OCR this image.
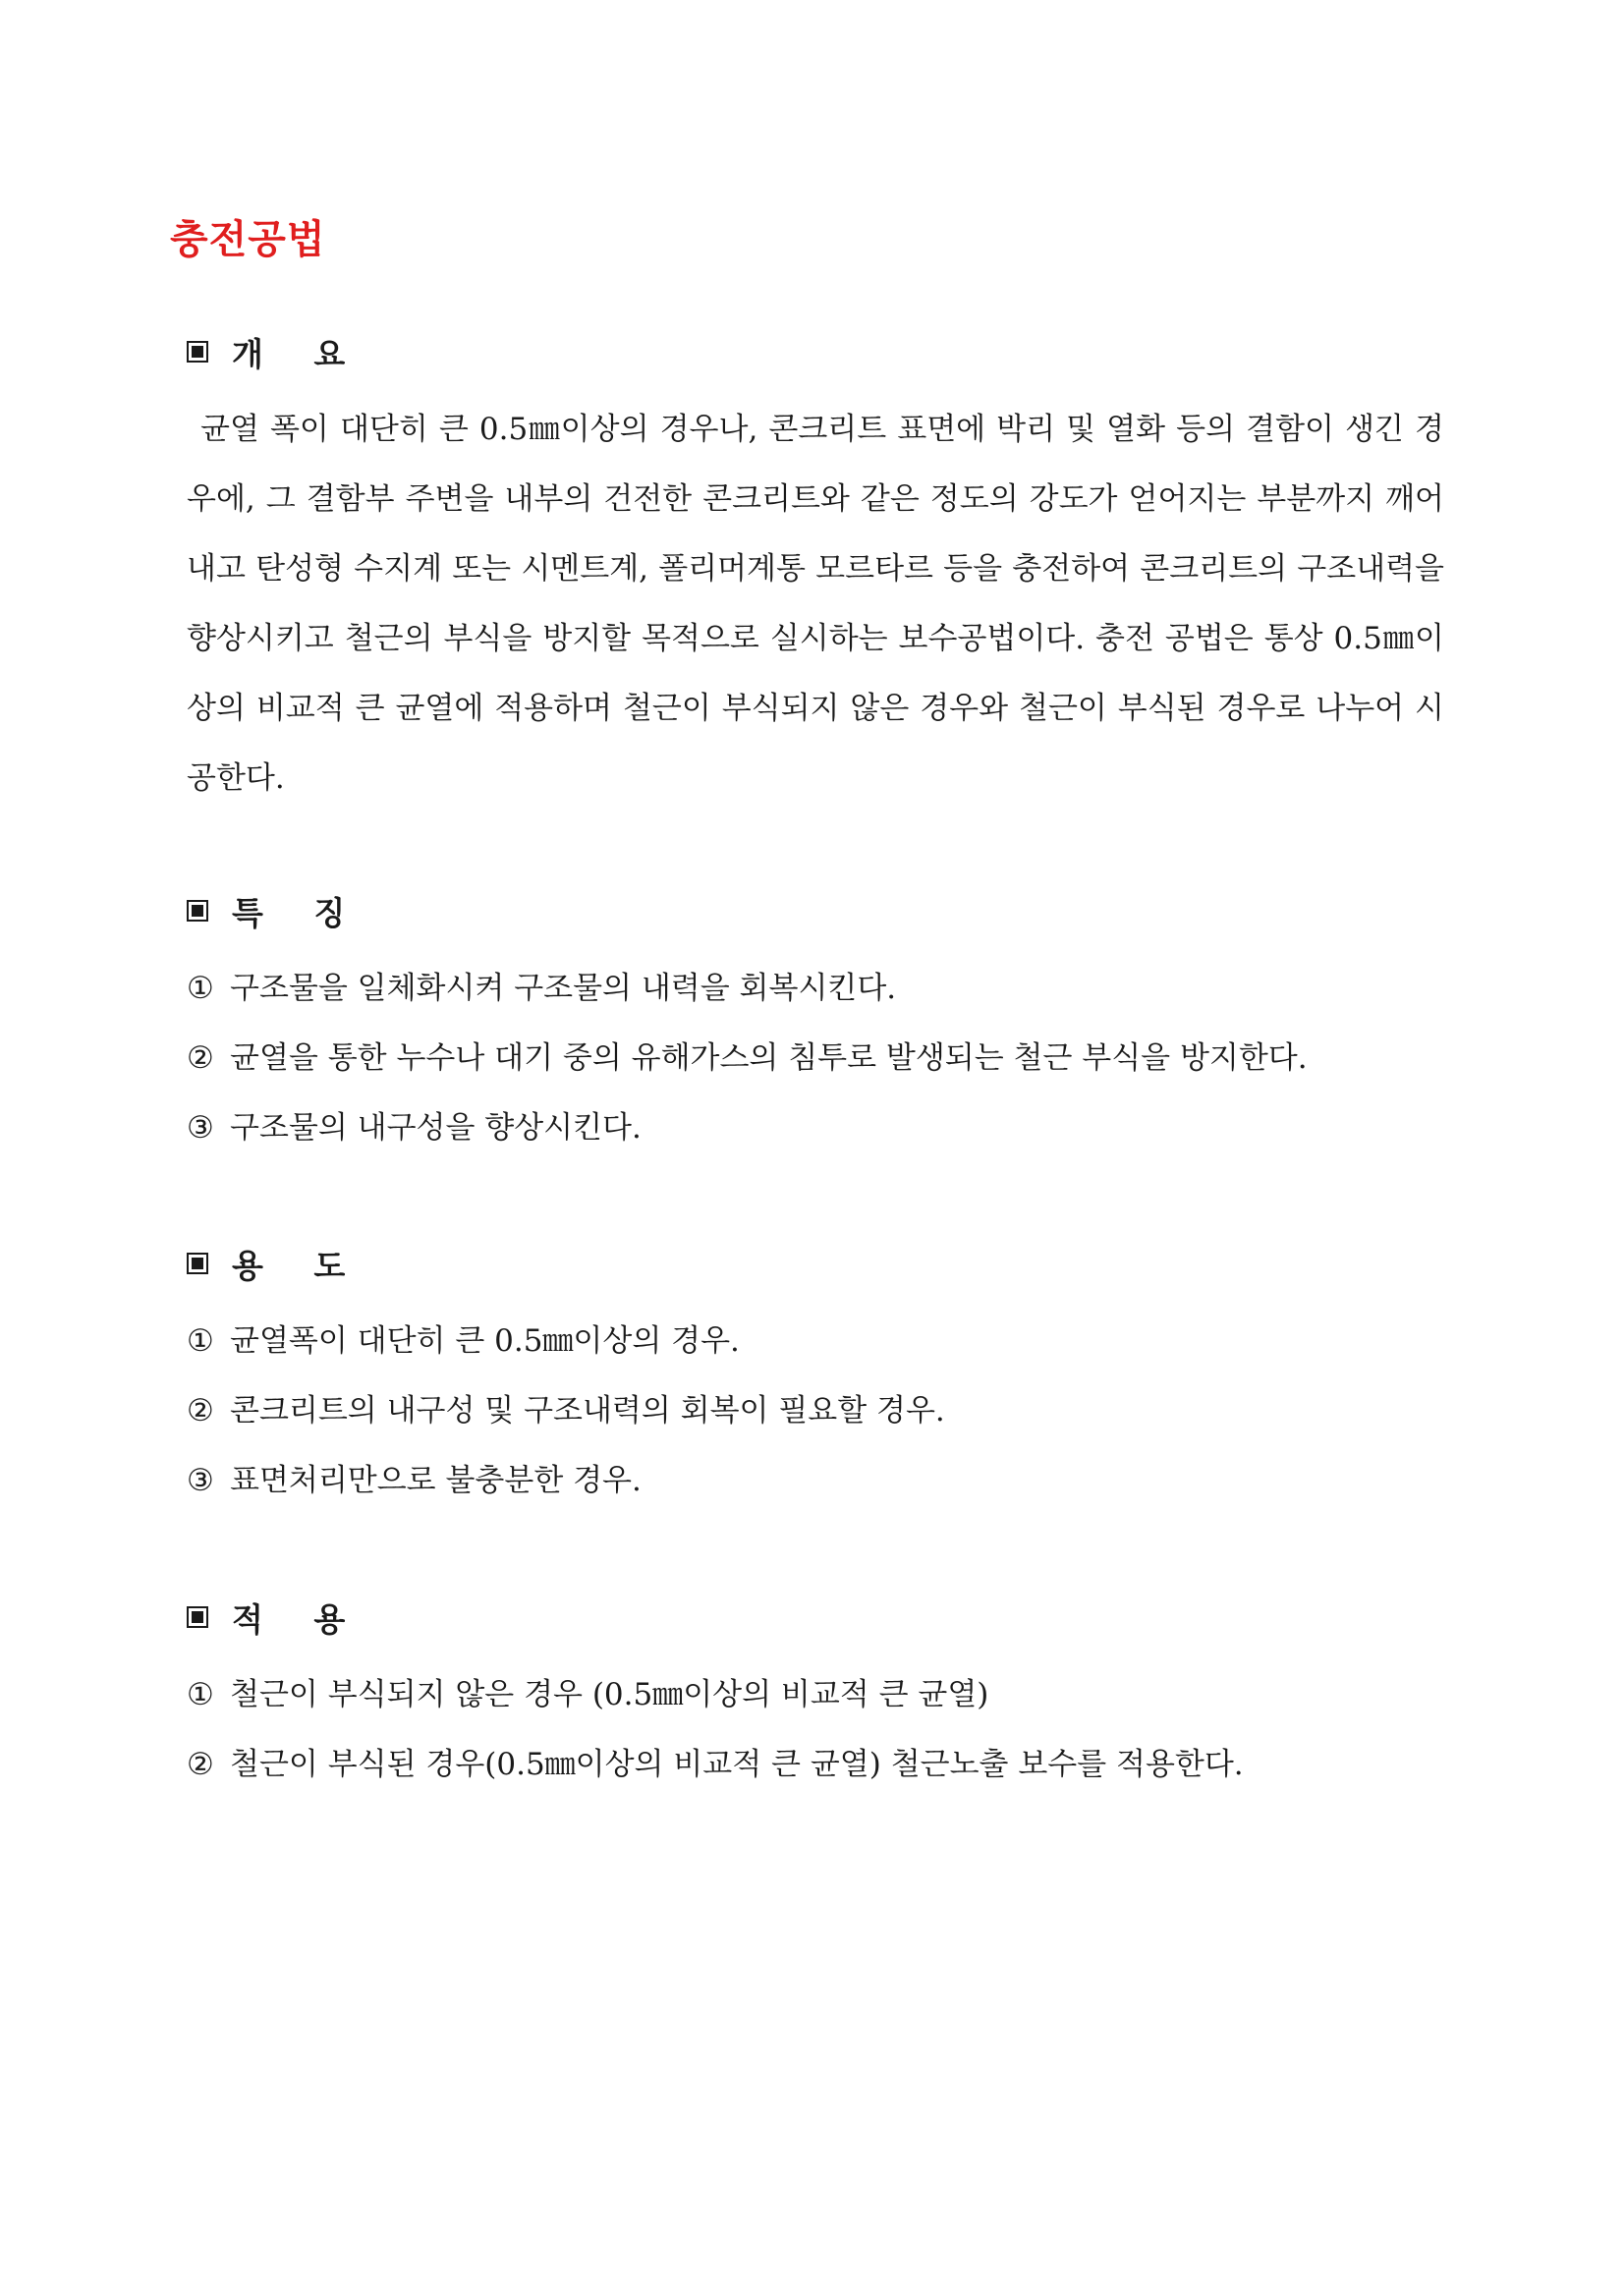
충전공법
개 요

균열 폭이 대단히 큰 0.5㎜이상의 경우나, 콘크리트 표면에 박리 및 열화 등의 결함이 생긴 경우에, 그 결함부 주변을 내부의 건전한 콘크리트와 같은 정도의 강도가 얻어지는 부분까지 깨어내고 탄성형 수지계 또는 시멘트계, 폴리머계통 모르타르 등을 충전하여 콘크리트의 구조내력을 향상시키고 철근의 부식을 방지할 목적으로 실시하는 보수공법이다. 충전 공법은 통상 0.5㎜이상의 비교적 큰 균열에 적용하며 철근이 부식되지 않은 경우와 철근이 부식된 경우로 나누어 시공한다.

특 징
① 구조물을 일체화시켜 구조물의 내력을 회복시킨다.
② 균열을 통한 누수나 대기 중의 유해가스의 침투로 발생되는 철근 부식을 방지한다.
③ 구조물의 내구성을 향상시킨다.
용 도
① 균열폭이 대단히 큰 0.5㎜이상의 경우.
② 콘크리트의 내구성 및 구조내력의 회복이 필요할 경우.
③ 표면처리만으로 불충분한 경우.
적 용
① 철근이 부식되지 않은 경우 (0.5㎜이상의 비교적 큰 균열)
② 철근이 부식된 경우(0.5㎜이상의 비교적 큰 균열) 철근노출 보수를 적용한다.
